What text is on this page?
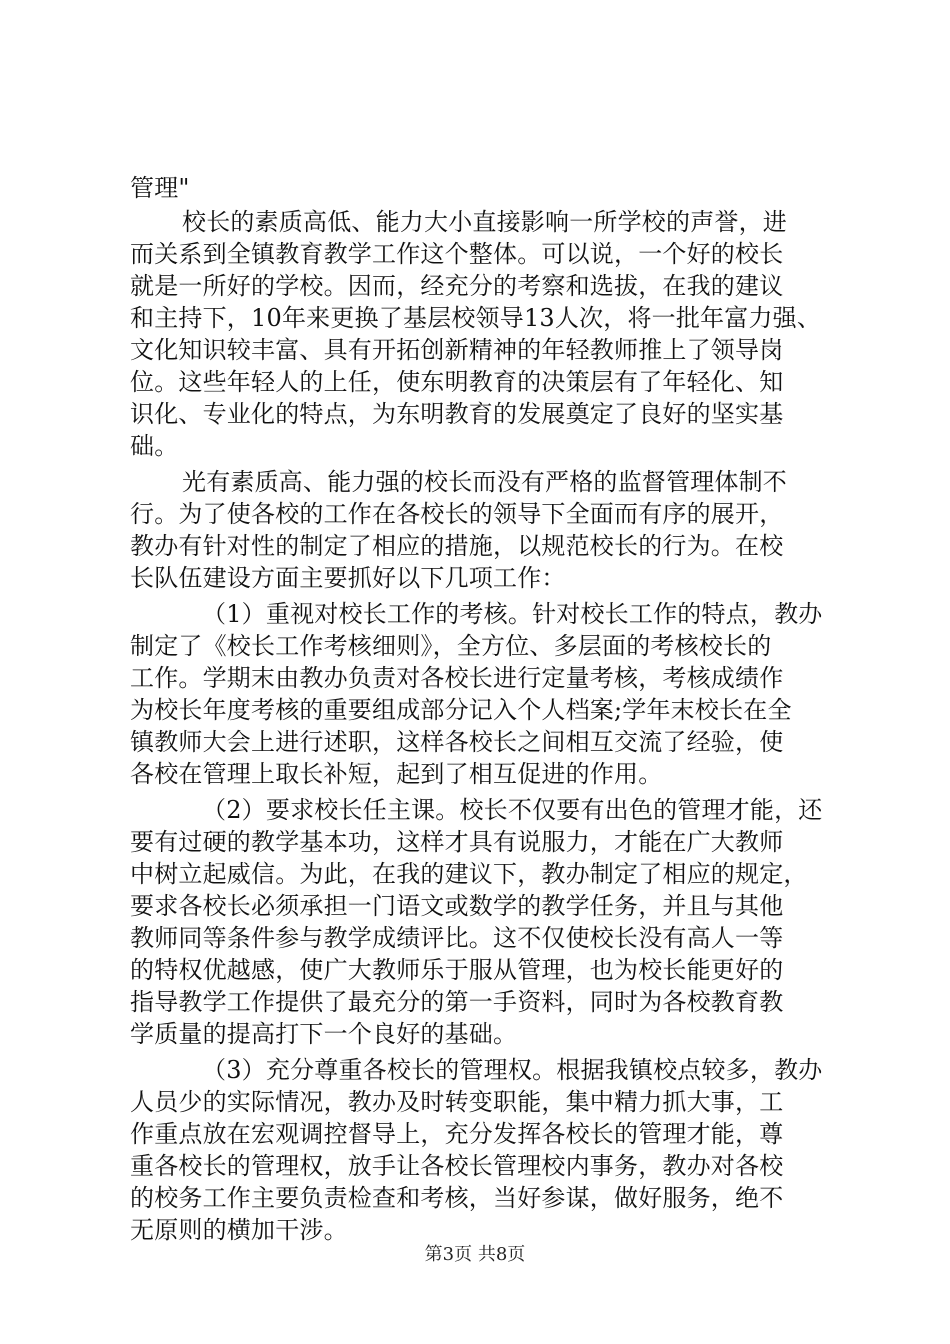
管理"
校长的素质高低、能力大小直接影响一所学校的声誉，进
而关系到全镇教育教学工作这个整体。可以说，一个好的校长
就是一所好的学校。因而，经充分的考察和选拔，在我的建议
和主持下，10年来更换了基层校领导13人次，将一批年富力强、
文化知识较丰富、具有开拓创新精神的年轻教师推上了领导岗
位。这些年轻人的上任，使东明教育的决策层有了年轻化、知
识化、专业化的特点，为东明教育的发展奠定了良好的坚实基
础。
光有素质高、能力强的校长而没有严格的监督管理体制不
行。为了使各校的工作在各校长的领导下全面而有序的展开，
教办有针对性的制定了相应的措施，以规范校长的行为。在校
长队伍建设方面主要抓好以下几项工作：
（1）重视对校长工作的考核。针对校长工作的特点，教办
制定了《校长工作考核细则》，全方位、多层面的考核校长的
工作。学期末由教办负责对各校长进行定量考核，考核成绩作
为校长年度考核的重要组成部分记入个人档案;学年末校长在全
镇教师大会上进行述职，这样各校长之间相互交流了经验，使
各校在管理上取长补短，起到了相互促进的作用。
（2）要求校长任主课。校长不仅要有出色的管理才能，还
要有过硬的教学基本功，这样才具有说服力，才能在广大教师
中树立起威信。为此，在我的建议下，教办制定了相应的规定，
要求各校长必须承担一门语文或数学的教学任务，并且与其他
教师同等条件参与教学成绩评比。这不仅使校长没有高人一等
的特权优越感，使广大教师乐于服从管理，也为校长能更好的
指导教学工作提供了最充分的第一手资料，同时为各校教育教
学质量的提高打下一个良好的基础。
（3）充分尊重各校长的管理权。根据我镇校点较多，教办
人员少的实际情况，教办及时转变职能，集中精力抓大事，工
作重点放在宏观调控督导上，充分发挥各校长的管理才能，尊
重各校长的管理权，放手让各校长管理校内事务，教办对各校
的校务工作主要负责检查和考核，当好参谋，做好服务，绝不
无原则的横加干涉。
第3页 共8页
